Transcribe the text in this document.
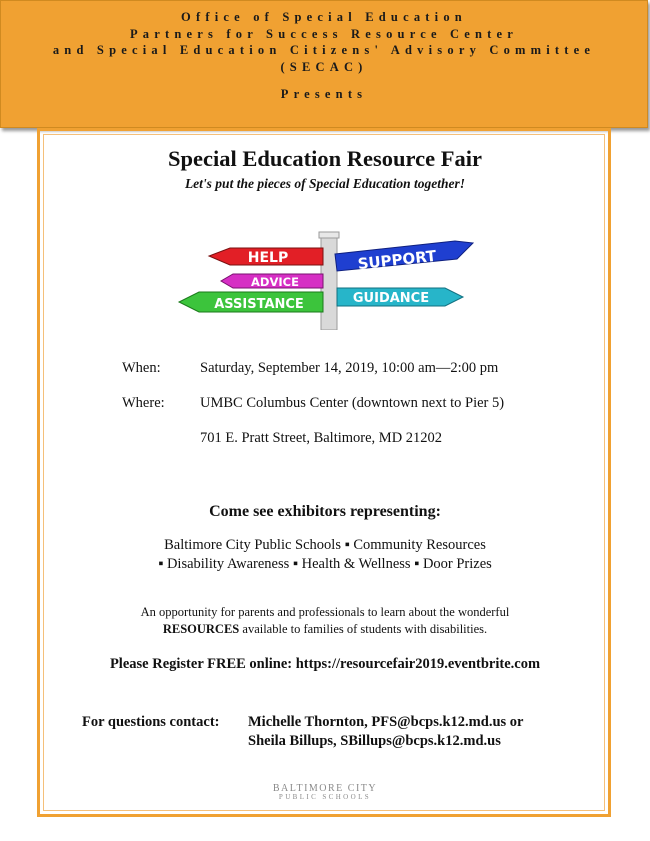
Office of Special Education
Partners for Success Resource Center
and Special Education Citizens' Advisory Committee
(SECAC)
Presents
Special Education Resource Fair
Let's put the pieces of Special Education together!
HELP	SUPPORT
ADVICE
ASSISTANCE	GUIDANCE
When:	Saturday, September 14, 2019, 10:00 am—2:00 pm
Where: UMBC Columbus Center (downtown next to Pier 5)
701 E. Pratt Street, Baltimore, MD 21202
Come see exhibitors representing:
Baltimore City Public Schools ▪ Community Resources
▪ Disability Awareness ▪ Health & Wellness ▪ Door Prizes
An opportunity for parents and professionals to learn about the wonderful
RESOURCES available to families of students with disabilities.
Please Register FREE online: https://resourcefair2019.eventbrite.com
For questions contact: Michelle Thornton, PFS@bcps.k12.md.us or
Sheila Billups, SBillups@bcps.k12.md.us
BALTIMORE CITY
PUBLIC SCHOOLS
